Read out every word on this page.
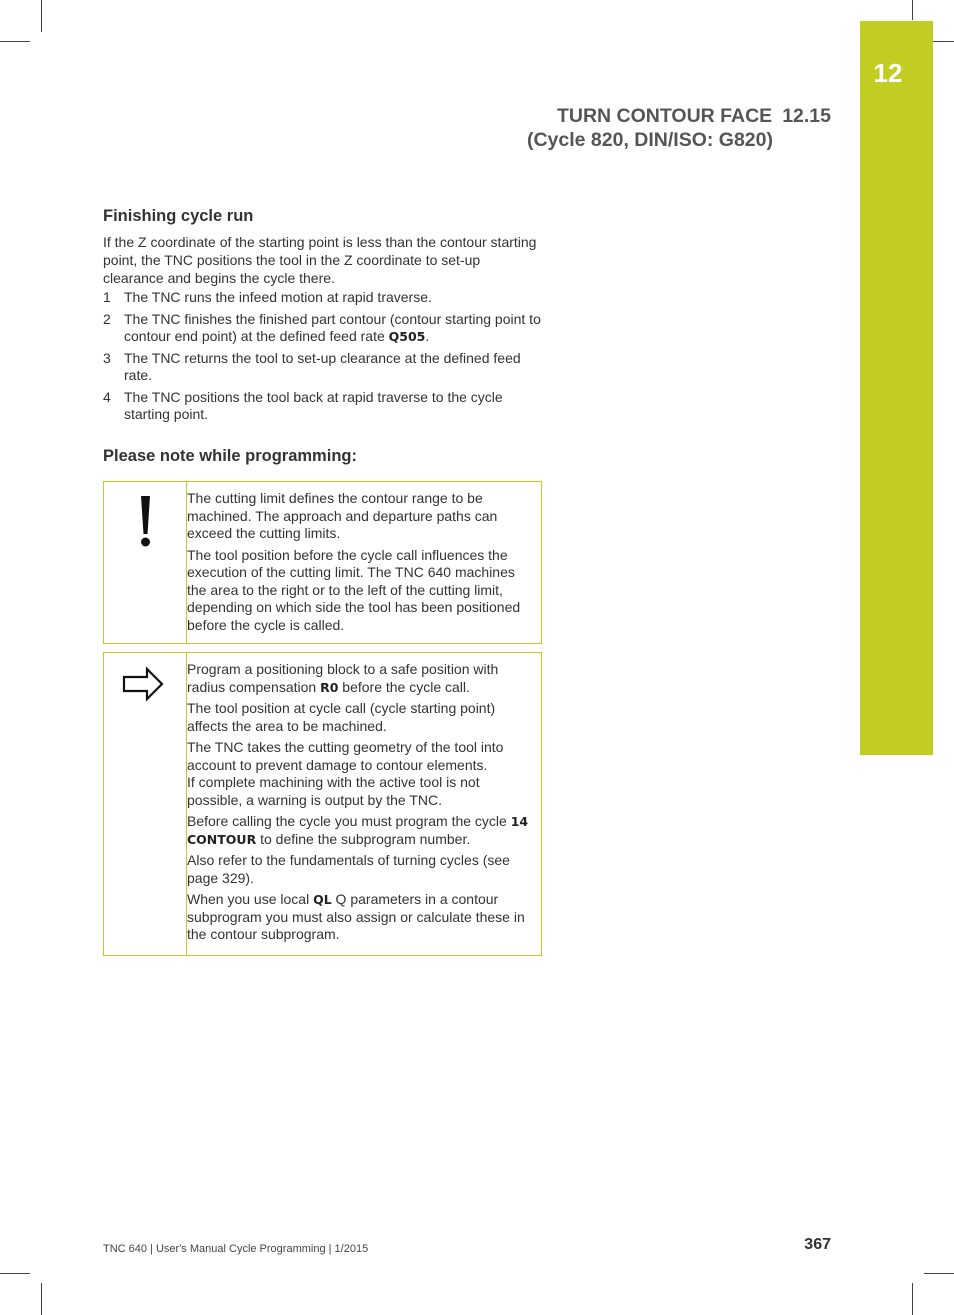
12
TURN CONTOUR FACE 12.15
(Cycle 820, DIN/ISO: G820)
Finishing cycle run

If the Z coordinate of the starting point is less than the contour starting point, the TNC positions the tool in the Z coordinate to set-up clearance and begins the cycle there.

1 The TNC runs the infeed motion at rapid traverse.
2 The TNC finishes the finished part contour (contour starting point to contour end point) at the defined feed rate Q505.
3 The TNC returns the tool to set-up clearance at the defined feed rate.
4 The TNC positions the tool back at rapid traverse to the cycle starting point.
Please note while programming:

The cutting limit defines the contour range to be machined. The approach and departure paths can exceed the cutting limits.

The tool position before the cycle call influences the execution of the cutting limit. The TNC 640 machines the area to the right or to the left of the cutting limit, depending on which side the tool has been positioned before the cycle is called.

Program a positioning block to a safe position with radius compensation R0 before the cycle call.

The tool position at cycle call (cycle starting point) affects the area to be machined.

The TNC takes the cutting geometry of the tool into account to prevent damage to contour elements.
If complete machining with the active tool is not possible, a warning is output by the TNC.

Before calling the cycle you must program the cycle 14 CONTOUR to define the subprogram number.

Also refer to the fundamentals of turning cycles (see page 329).

When you use local QL Q parameters in a contour subprogram you must also assign or calculate these in the contour subprogram.

TNC 640 | User's Manual Cycle Programming | 1/2015	367
